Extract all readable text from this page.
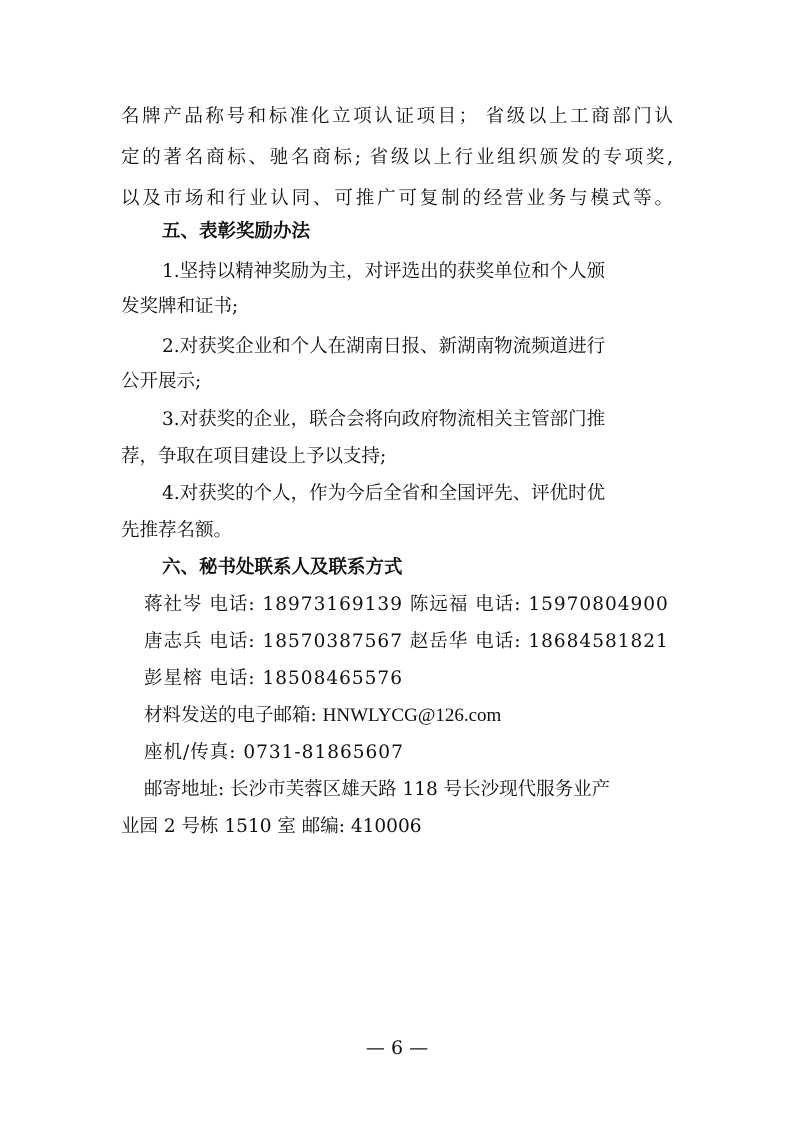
名牌产品称号和标准化立项认证项目； 省级以上工商部门认
定的著名商标、驰名商标; 省级以上行业组织颁发的专项奖,
以及市场和行业认同、可推广可复制的经营业务与模式等。
五、表彰奖励办法
1.坚持以精神奖励为主，对评选出的获奖单位和个人颁
发奖牌和证书;
2.对获奖企业和个人在湖南日报、新湖南物流频道进行
公开展示;
3.对获奖的企业，联合会将向政府物流相关主管部门推
荐，争取在项目建设上予以支持;
4.对获奖的个人，作为今后全省和全国评先、评优时优
先推荐名额。
六、秘书处联系人及联系方式
蒋社岑 电话: 18973169139 陈远福 电话: 15970804900
唐志兵 电话: 18570387567 赵岳华 电话: 18684581821
彭星榕 电话: 18508465576
材料发送的电子邮箱: HNWLYCG@126.com
座机/传真: 0731-81865607
邮寄地址: 长沙市芙蓉区雄天路 118 号长沙现代服务业产
业园 2 号栋 1510 室 邮编: 410006
— 6 —
